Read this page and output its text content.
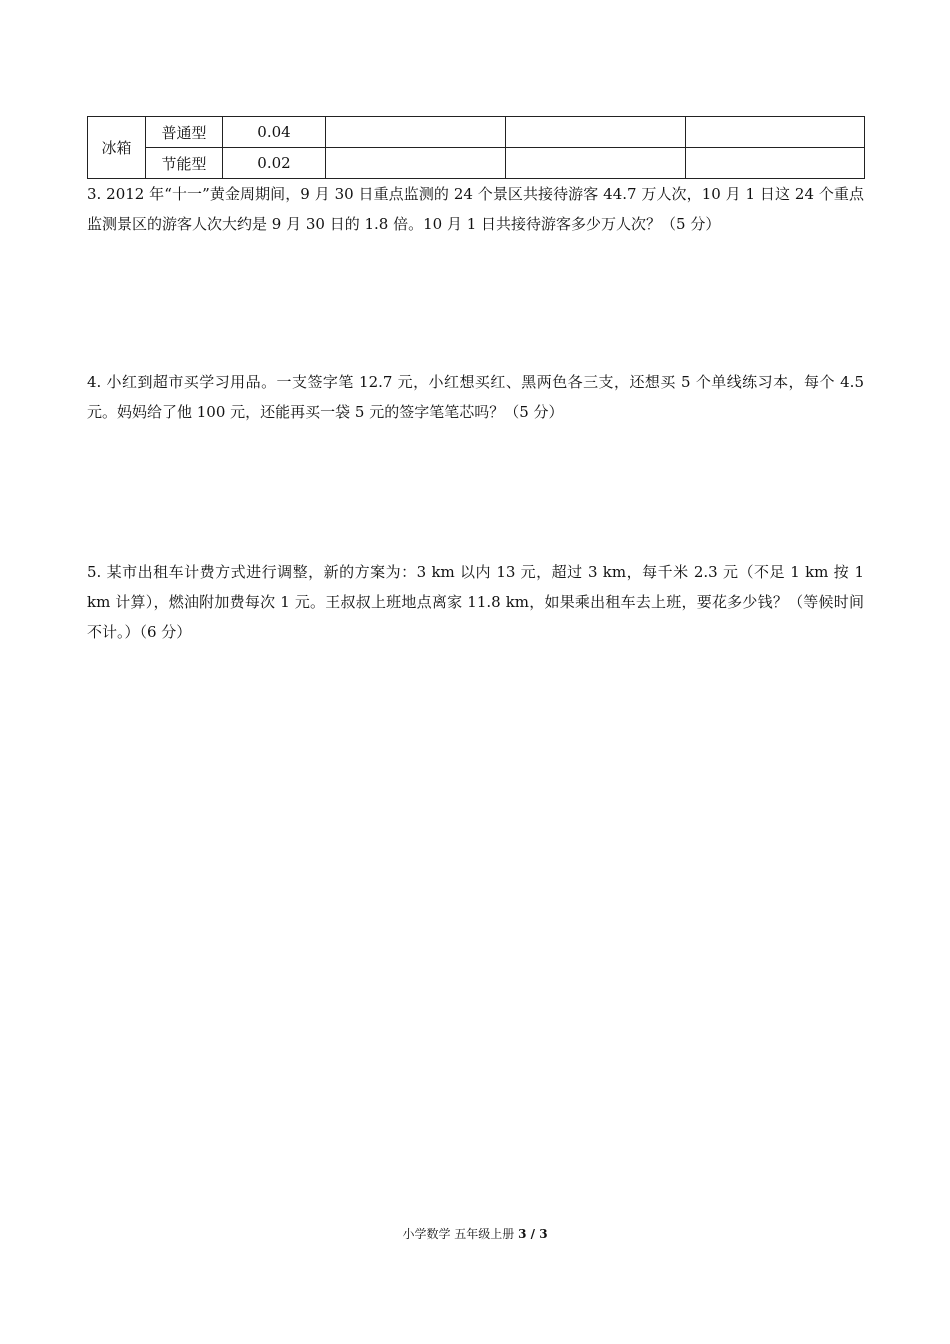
冰箱	普通型	0.04			
	节能型	0.02			

3. 2012 年“十一”黄金周期间，9 月 30 日重点监测的 24 个景区共接待游客 44.7 万人次，10 月 1 日这 24 个重点监测景区的游客人次大约是 9 月 30 日的 1.8 倍。10 月 1 日共接待游客多少万人次？（5 分）

4. 小红到超市买学习用品。一支签字笔 12.7 元，小红想买红、黑两色各三支，还想买 5 个单线练习本，每个 4.5 元。妈妈给了他 100 元，还能再买一袋 5 元的签字笔笔芯吗？（5 分）

5. 某市出租车计费方式进行调整，新的方案为：3 km 以内 13 元，超过 3 km，每千米 2.3 元（不足 1 km 按 1 km 计算），燃油附加费每次 1 元。王叔叔上班地点离家 11.8 km，如果乘出租车去上班，要花多少钱？（等候时间不计。）（6 分）

小学数学 五年级上册 3 / 3
